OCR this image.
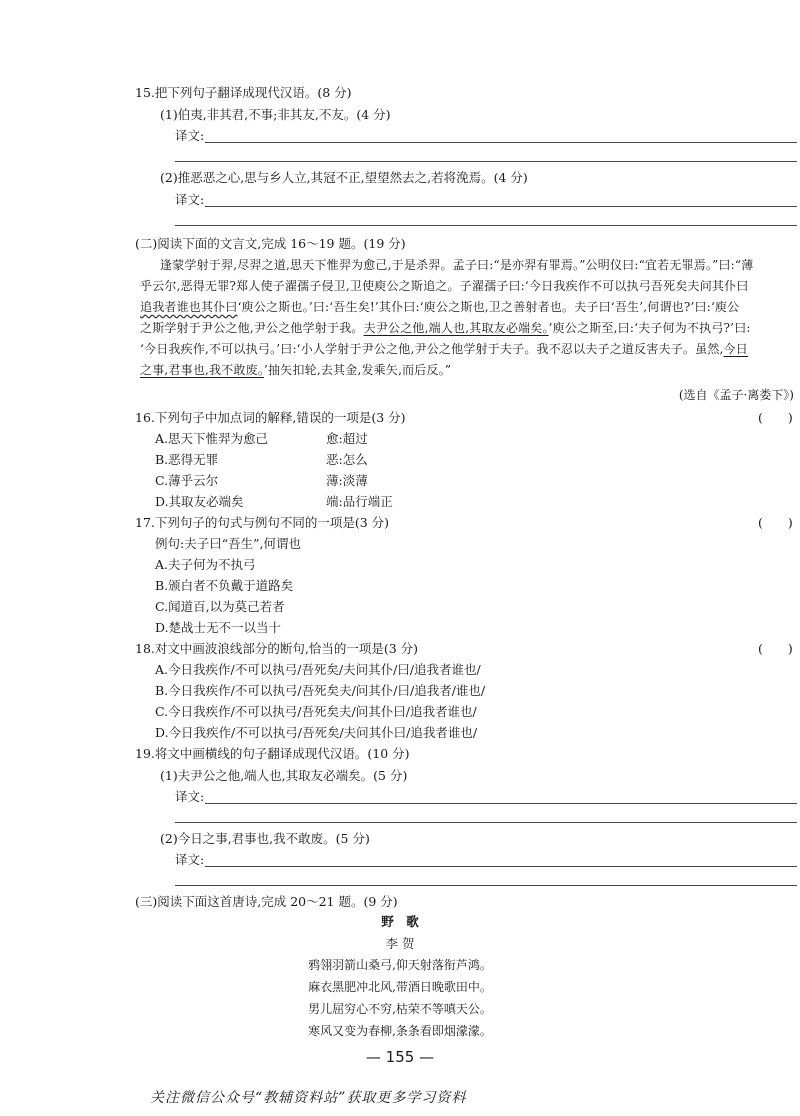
15.把下列句子翻译成现代汉语。(8 分)
(1)伯夷,非其君,不事;非其友,不友。(4 分)
译文:
(2)推恶恶之心,思与乡人立,其冠不正,望望然去之,若将浼焉。(4 分)
译文:
(二)阅读下面的文言文,完成 16～19 题。(19 分)
逢蒙学射于羿,尽羿之道,思天下惟羿为愈己,于是杀羿。孟子曰:“是亦羿有罪焉。”公明仪曰:“宜若无罪焉。”曰:“薄
乎云尔,恶得无罪?郑人使子濯孺子侵卫,卫使庾公之斯追之。子濯孺子曰:‘今日我疾作不可以执弓吾死矣夫问其仆曰
追我者谁也其仆曰‘庾公之斯也。’曰:‘吾生矣!’其仆曰:‘庾公之斯也,卫之善射者也。夫子曰‘吾生’,何谓也?’曰:‘庾公
之斯学射于尹公之他,尹公之他学射于我。夫尹公之他,端人也,其取友必端矣。’庾公之斯至,曰:‘夫子何为不执弓?’曰:
‘今日我疾作,不可以执弓。’曰:‘小人学射于尹公之他,尹公之他学射于夫子。我不忍以夫子之道反害夫子。虽然,今日
之事,君事也,我不敢废。’抽矢扣轮,去其金,发乘矢,而后反。”
(选自《孟子·离娄下》)
16.下列句子中加点词的解释,错误的一项是(3 分)	(　　)
A.思天下惟羿为愈己	愈:超过
B.恶得无罪	恶:怎么
C.薄乎云尔	薄:淡薄
D.其取友必端矣	端:品行端正
17.下列句子的句式与例句不同的一项是(3 分)	(　　)
例句:夫子曰“吾生”,何谓也
A.夫子何为不执弓
B.颁白者不负戴于道路矣
C.闻道百,以为莫己若者
D.楚战士无不一以当十
18.对文中画波浪线部分的断句,恰当的一项是(3 分)	(　　)
A.今日我疾作/不可以执弓/吾死矣/夫问其仆/曰/追我者谁也/
B.今日我疾作/不可以执弓/吾死矣夫/问其仆/曰/追我者/谁也/
C.今日我疾作/不可以执弓/吾死矣夫/问其仆曰/追我者谁也/
D.今日我疾作/不可以执弓/吾死矣/夫问其仆曰/追我者谁也/
19.将文中画横线的句子翻译成现代汉语。(10 分)
(1)夫尹公之他,端人也,其取友必端矣。(5 分)
译文:
(2)今日之事,君事也,我不敢废。(5 分)
译文:
(三)阅读下面这首唐诗,完成 20～21 题。(9 分)
野　歌
李 贺
鸦翎羽箭山桑弓,仰天射落衔芦鸿。
麻衣黑肥冲北风,带酒日晚歌田中。
男儿屈穷心不穷,枯荣不等嗔天公。
寒风又变为春柳,条条看即烟濛濛。
— 155 —
关注微信公众号“教辅资料站”获取更多学习资料
